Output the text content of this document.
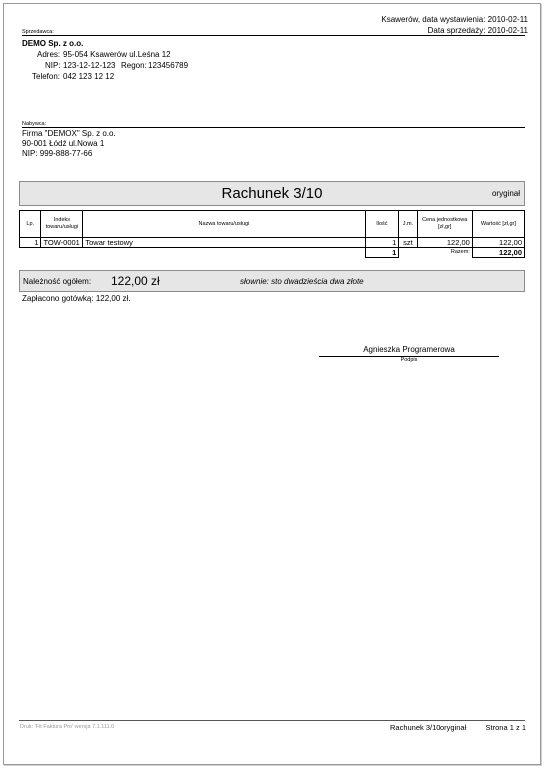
Ksawerów, data wystawienia: 2010-02-11
Data sprzedaży: 2010-02-11
Sprzedawca:
DEMO Sp. z o.o.
Adres: 95-054 Ksawerów ul.Leśna 12
NIP: 123-12-12-123 Regon: 123456789
Telefon: 042 123 12 12
Nabywca:
Firma "DEMOX" Sp. z o.o.
90-001 Łódź ul.Nowa 1
NIP: 999-888-77-66
Rachunek 3/10	oryginał
Lp.	Indeks towaru/usługi	Nazwa towaru/usługi	Ilość	J.m.	Cena jednostkowa [zł,gr]	Wartość [zł,gr]
1	TOW-0001	Towar testowy	1	szt	122,00	122,00
			1		Razem:	122,00
Należność ogółem: 122,00 zł	słownie: sto dwadzieścia dwa złote
Zapłacono gotówką: 122,00 zł.
Agnieszka Programerowa
Podpis
Druk: 'Fit Faktura Pro' wersja 7.1.111.0	Rachunek 3/10 oryginał	Strona 1 z 1
